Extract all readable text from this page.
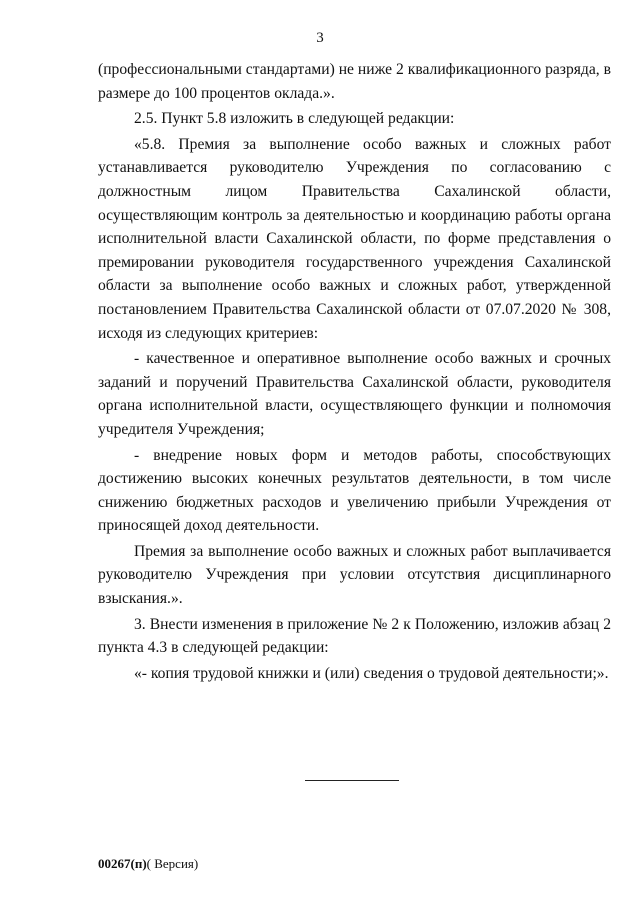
3

(профессиональными стандартами) не ниже 2 квалификационного разряда, в размере до 100 процентов оклада.».

2.5. Пункт 5.8 изложить в следующей редакции:

«5.8. Премия за выполнение особо важных и сложных работ устанавливается руководителю Учреждения по согласованию с должностным лицом Правительства Сахалинской области, осуществляющим контроль за деятельностью и координацию работы органа исполнительной власти Сахалинской области, по форме представления о премировании руководителя государственного учреждения Сахалинской области за выполнение особо важных и сложных работ, утвержденной постановлением Правительства Сахалинской области от 07.07.2020 № 308, исходя из следующих критериев:

- качественное и оперативное выполнение особо важных и срочных заданий и поручений Правительства Сахалинской области, руководителя органа исполнительной власти, осуществляющего функции и полномочия учредителя Учреждения;

- внедрение новых форм и методов работы, способствующих достижению высоких конечных результатов деятельности, в том числе снижению бюджетных расходов и увеличению прибыли Учреждения от приносящей доход деятельности.

Премия за выполнение особо важных и сложных работ выплачивается руководителю Учреждения при условии отсутствия дисциплинарного взыскания.».

3. Внести изменения в приложение № 2 к Положению, изложив абзац 2 пункта 4.3 в следующей редакции:

«- копия трудовой книжки и (или) сведения о трудовой деятельности;».

00267(п)( Версия)
